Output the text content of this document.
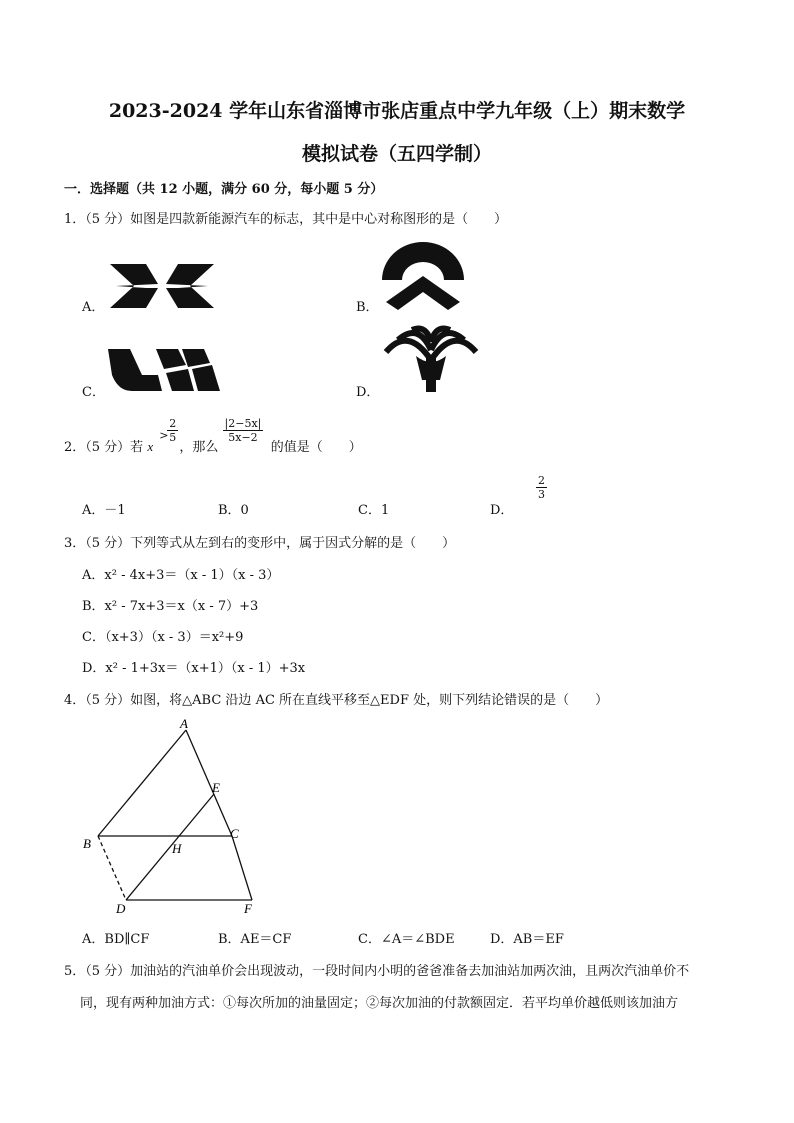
2023-2024 学年山东省淄博市张店重点中学九年级（上）期末数学
模拟试卷（五四学制）
一．选择题（共 12 小题，满分 60 分，每小题 5 分）
1．（5 分）如图是四款新能源汽车的标志，其中是中心对称图形的是（　　）
A．	B．
C．	D．
2．（5 分）若 x
>
$\frac{2}{5}$
，那么
$\frac{|2-5x|}{5x-2}$
的值是（　　）
A．－1	B．0	C．1	D．
$\frac{2}{3}$
3．（5 分）下列等式从左到右的变形中，属于因式分解的是（　　）
A．x² - 4x+3＝（x - 1）（x - 3）
B．x² - 7x+3＝x（x - 7）+3
C．（x+3）（x - 3）＝x²+9
D．x² - 1+3x＝（x+1）（x - 1）+3x
4．（5 分）如图，将△ABC 沿边 AC 所在直线平移至△EDF 处，则下列结论错误的是（　　）
A
E
B
C
H
D	F
A．BD∥CF	B．AE＝CF	C．∠A＝∠BDE	D．AB＝EF
5．（5 分）加油站的汽油单价会出现波动，一段时间内小明的爸爸准备去加油站加两次油，且两次汽油单价不
同，现有两种加油方式：①每次所加的油量固定；②每次加油的付款额固定．若平均单价越低则该加油方
